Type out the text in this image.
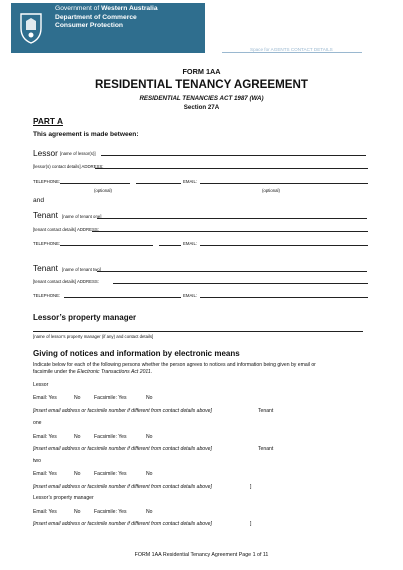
Government of Western Australia
Department of Commerce
Consumer Protection
Space for AGENTS CONTACT DETAILS
FORM 1AA
RESIDENTIAL TENANCY AGREEMENT
RESIDENTIAL TENANCIES ACT 1987 (WA)
Section 27A
PART A
This agreement is made between:
Lessor [name of lessor(s)]
[lessor(s) contact details] ADDRESS:
TELEPHONE:	EMAIL:
(optional)	(optional)
and
Tenant [name of tenant one]
[tenant contact details] ADDRESS:
TELEPHONE:	EMAIL:
Tenant [name of tenant two]
[tenant contact details] ADDRESS:
TELEPHONE:	EMAIL:
Lessor’s property manager
[name of lessor’s property manager (if any) and contact details]
Giving of notices and information by electronic means
Indicate below for each of the following persons whether the person agrees to notices and information being given by email or
facsimile under the Electronic Transactions Act 2011.
Lessor
Email: Yes	No	Facsimile: Yes	No
[insert email address or facsimile number if different from contact details above]	Tenant
one
Email: Yes	No	Facsimile: Yes	No
[insert email address or facsimile number if different from contact details above]	Tenant
two
Email: Yes	No	Facsimile: Yes	No
[insert email address or facsimile number if different from contact details above]	]
Lessor’s property manager
Email: Yes	No	Facsimile: Yes	No
[insert email address or facsimile number if different from contact details above]	]
FORM 1AA Residential Tenancy Agreement Page 1 of 11
